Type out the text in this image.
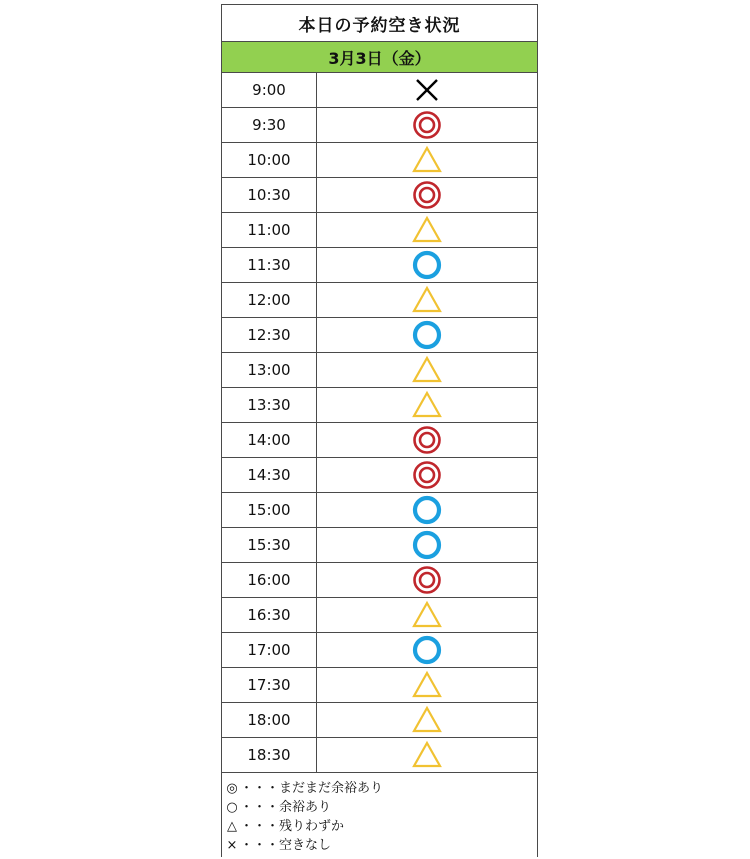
本日の予約空き状況
3月3日（金）
9:00
9:30
10:00
10:30
11:00
11:30
12:00
12:30
13:00
13:30
14:00
14:30
15:00
15:30
16:00
16:30
17:00
17:30
18:00
18:30
◎ ・・・まだまだ余裕あり
○ ・・・余裕あり
△ ・・・残りわずか
× ・・・空きなし
